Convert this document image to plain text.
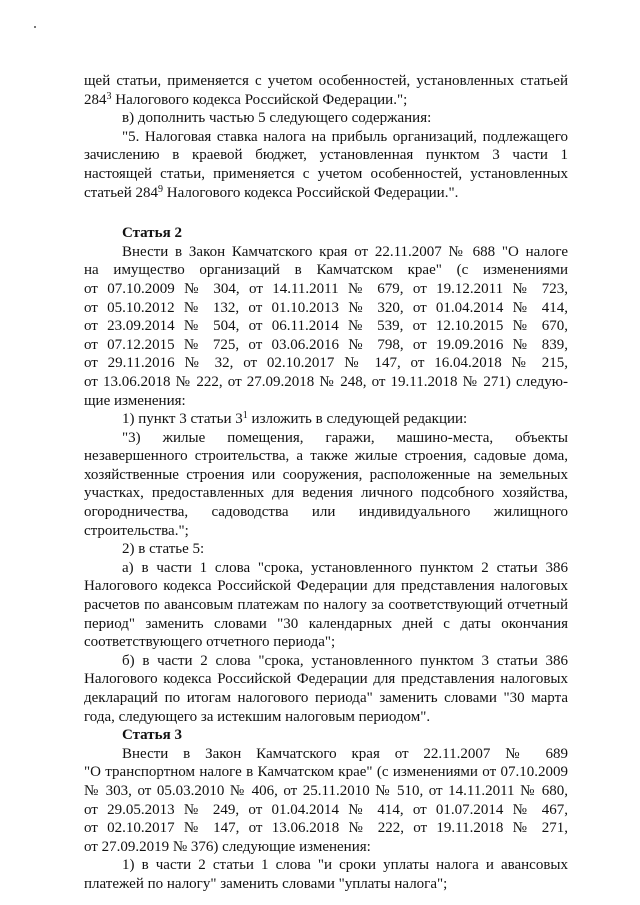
щей статьи, применяется с учетом особенностей, установленных статьей $284^3$ Налогового кодекса Российской Федерации.";

в) дополнить частью 5 следующего содержания:

"5. Налоговая ставка налога на прибыль организаций, подлежащего зачислению в краевой бюджет, установленная пунктом 3 части 1 настоящей статьи, применяется с учетом особенностей, установленных статьей $284^9$ Налогового кодекса Российской Федерации.".

Статья 2

Внести в Закон Камчатского края от 22.11.2007 № 688 "О налоге
на имущество организаций в Камчатском крае" (с изменениями
от 07.10.2009 № 304, от 14.11.2011 № 679, от 19.12.2011 № 723,
от 05.10.2012 № 132, от 01.10.2013 № 320, от 01.04.2014 № 414,
от 23.09.2014 № 504, от 06.11.2014 № 539, от 12.10.2015 № 670,
от 07.12.2015 № 725, от 03.06.2016 № 798, от 19.09.2016 № 839,
от 29.11.2016 № 32, от 02.10.2017 № 147, от 16.04.2018 № 215,
от 13.06.2018 № 222, от 27.09.2018 № 248, от 19.11.2018 № 271) следую-
щие изменения:

1) пункт 3 статьи $3^1$ изложить в следующей редакции:

"3) жилые помещения, гаражи, машино-места, объекты незавершенного строительства, а также жилые строения, садовые дома, хозяйственные строения или сооружения, расположенные на земельных участках, предоставленных для ведения личного подсобного хозяйства, огородничества, садоводства или индивидуального жилищного строительства.";

2) в статье 5:

а) в части 1 слова "срока, установленного пунктом 2 статьи 386 Налогового кодекса Российской Федерации для представления налоговых расчетов по авансовым платежам по налогу за соответствующий отчетный период" заменить словами "30 календарных дней с даты окончания соответствующего отчетного периода";

б) в части 2 слова "срока, установленного пунктом 3 статьи 386 Налогового кодекса Российской Федерации для представления налоговых деклараций по итогам налогового периода" заменить словами "30 марта года, следующего за истекшим налоговым периодом".

Статья 3

Внести в Закон Камчатского края от 22.11.2007 № 689
"О транспортном налоге в Камчатском крае" (с изменениями от 07.10.2009
№ 303, от 05.03.2010 № 406, от 25.11.2010 № 510, от 14.11.2011 № 680,
от 29.05.2013 № 249, от 01.04.2014 № 414, от 01.07.2014 № 467,
от 02.10.2017 № 147, от 13.06.2018 № 222, от 19.11.2018 № 271,
от 27.09.2019 № 376) следующие изменения:

1) в части 2 статьи 1 слова "и сроки уплаты налога и авансовых платежей по налогу" заменить словами "уплаты налога";
